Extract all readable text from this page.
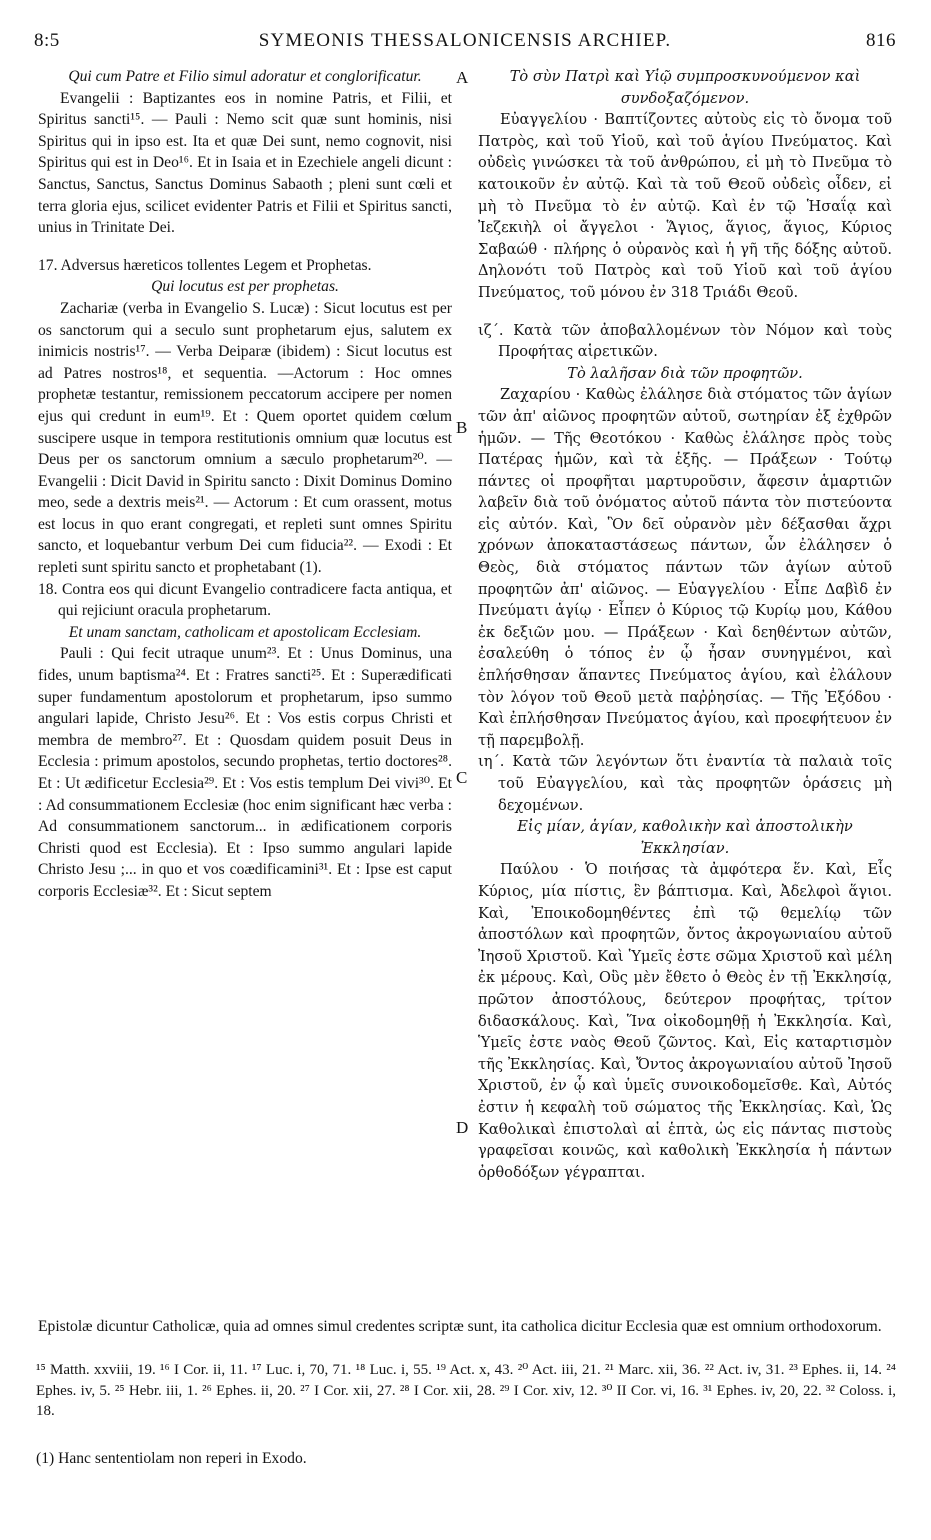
8:5	SYMEONIS THESSALONICENSIS ARCHIEP.	816

Qui cum Patre et Filio simul adoratur et conglorificatur.

Evangelii : Baptizantes eos in nomine Patris, et Filii, et Spiritus sancti¹⁵. — Pauli : Nemo scit quæ sunt hominis, nisi Spiritus qui in ipso est. Ita et quæ Dei sunt, nemo cognovit, nisi Spiritus qui est in Deo¹⁶. Et in Isaia et in Ezechiele angeli dicunt : Sanctus, Sanctus, Sanctus Dominus Sabaoth ; pleni sunt cœli et terra gloria ejus, scilicet evidenter Patris et Filii et Spiritus sancti, unius in Trinitate Dei.

17. Adversus hæreticos tollentes Legem et Prophetas.

Qui locutus est per prophetas.

Zachariæ (verba in Evangelio S. Lucæ) : Sicut locutus est per os sanctorum qui a seculo sunt prophetarum ejus, salutem ex inimicis nostris¹⁷. — Verba Deiparæ (ibidem) : Sicut locutus est ad Patres nostros¹⁸, et sequentia. —Actorum : Hoc omnes prophetæ testantur, remissionem peccatorum accipere per nomen ejus qui credunt in eum¹⁹. Et : Quem oportet quidem cœlum suscipere usque in tempora restitutionis omnium quæ locutus est Deus per os sanctorum omnium a sæculo prophetarum²⁰. — Evangelii : Dicit David in Spiritu sancto : Dixit Dominus Domino meo, sede a dextris meis²¹. — Actorum : Et cum orassent, motus est locus in quo erant congregati, et repleti sunt omnes Spiritu sancto, et loquebantur verbum Dei cum fiducia²². — Exodi : Et repleti sunt spiritu sancto et prophetabant (1).

18. Contra eos qui dicunt Evangelio contradicere facta antiqua, et qui rejiciunt oracula prophetarum.

Et unam sanctam, catholicam et apostolicam Ecclesiam.

Pauli : Qui fecit utraque unum²³. Et : Unus Dominus, una fides, unum baptisma²⁴. Et : Fratres sancti²⁵. Et : Superædificati super fundamentum apostolorum et prophetarum, ipso summo angulari lapide, Christo Jesu²⁶. Et : Vos estis corpus Christi et membra de membro²⁷. Et : Quosdam quidem posuit Deus in Ecclesia : primum apostolos, secundo prophetas, tertio doctores²⁸. Et : Ut ædificetur Ecclesia²⁹. Et : Vos estis templum Dei vivi³⁰. Et : Ad consummationem Ecclesiæ (hoc enim significant hæc verba : Ad consummationem sanctorum... in ædificationem corporis Christi quod est Ecclesia). Et : Ipso summo angulari lapide Christo Jesu ;... in quo et vos coædificamini³¹. Et : Ipse est caput corporis Ecclesiæ³². Et : Sicut septem

Τὸ σὺν Πατρὶ καὶ Υἱῷ συμπροσκυνούμενον καὶ συνδοξαζόμενον.

Εὐαγγελίου · Βαπτίζοντες αὐτοὺς εἰς τὸ ὄνομα τοῦ Πατρὸς, καὶ τοῦ Υἱοῦ, καὶ τοῦ ἁγίου Πνεύματος. Καὶ οὐδεὶς γινώσκει τὰ τοῦ ἀνθρώπου, εἰ μὴ τὸ Πνεῦμα τὸ κατοικοῦν ἐν αὐτῷ. Καὶ τὰ τοῦ Θεοῦ οὐδεὶς οἶδεν, εἰ μὴ τὸ Πνεῦμα τὸ ἐν αὐτῷ. Καὶ ἐν τῷ Ἡσαΐᾳ καὶ Ἰεζεκιὴλ οἱ ἄγγελοι · Ἅγιος, ἅγιος, ἅγιος, Κύριος Σαβαώθ · πλήρης ὁ οὐρανὸς καὶ ἡ γῆ τῆς δόξης αὐτοῦ. Δηλονότι τοῦ Πατρὸς καὶ τοῦ Υἱοῦ καὶ τοῦ ἁγίου Πνεύματος, τοῦ μόνου ἐν 318 Τριάδι Θεοῦ.

ιζ´. Κατὰ τῶν ἀποβαλλομένων τὸν Νόμον καὶ τοὺς Προφήτας αἱρετικῶν.

Τὸ λαλῆσαν διὰ τῶν προφητῶν.

Ζαχαρίου · Καθὼς ἐλάλησε διὰ στόματος τῶν ἁγίων τῶν ἀπ' αἰῶνος προφητῶν αὐτοῦ, σωτηρίαν ἐξ ἐχθρῶν ἡμῶν. — Τῆς Θεοτόκου · Καθὼς ἐλάλησε πρὸς τοὺς Πατέρας ἡμῶν, καὶ τὰ ἑξῆς. — Πράξεων · Τούτῳ πάντες οἱ προφῆται μαρτυροῦσιν, ἄφεσιν ἁμαρτιῶν λαβεῖν διὰ τοῦ ὀνόματος αὐτοῦ πάντα τὸν πιστεύοντα εἰς αὐτόν. Καὶ, Ὃν δεῖ οὐρανὸν μὲν δέξασθαι ἄχρι χρόνων ἀποκαταστάσεως πάντων, ὧν ἐλάλησεν ὁ Θεὸς, διὰ στόματος πάντων τῶν ἁγίων αὐτοῦ προφητῶν ἀπ' αἰῶνος. — Εὐαγγελίου · Εἶπε Δαβὶδ ἐν Πνεύματι ἁγίῳ · Εἶπεν ὁ Κύριος τῷ Κυρίῳ μου, Κάθου ἐκ δεξιῶν μου. — Πράξεων · Καὶ δεηθέντων αὐτῶν, ἐσαλεύθη ὁ τόπος ἐν ᾧ ἦσαν συνηγμένοι, καὶ ἐπλήσθησαν ἅπαντες Πνεύματος ἁγίου, καὶ ἐλάλουν τὸν λόγον τοῦ Θεοῦ μετὰ παῤῥησίας. — Τῆς Ἐξόδου · Καὶ ἐπλήσθησαν Πνεύματος ἁγίου, καὶ προεφήτευον ἐν τῇ παρεμβολῇ.

ιη´. Κατὰ τῶν λεγόντων ὅτι ἐναντία τὰ παλαιὰ τοῖς τοῦ Εὐαγγελίου, καὶ τὰς προφητῶν ὁράσεις μὴ δεχομένων.

Εἰς μίαν, ἁγίαν, καθολικὴν καὶ ἀποστολικὴν Ἐκκλησίαν.

Παύλου · Ὁ ποιήσας τὰ ἀμφότερα ἕν. Καὶ, Εἷς Κύριος, μία πίστις, ἓν βάπτισμα. Καὶ, Ἀδελφοὶ ἅγιοι. Καὶ, Ἐποικοδομηθέντες ἐπὶ τῷ θεμελίῳ τῶν ἀποστόλων καὶ προφητῶν, ὄντος ἀκρογωνιαίου αὐτοῦ Ἰησοῦ Χριστοῦ. Καὶ Ὑμεῖς ἐστε σῶμα Χριστοῦ καὶ μέλη ἐκ μέρους. Καὶ, Οὓς μὲν ἔθετο ὁ Θεὸς ἐν τῇ Ἐκκλησίᾳ, πρῶτον ἀποστόλους, δεύτερον προφήτας, τρίτον διδασκάλους. Καὶ, Ἵνα οἰκοδομηθῇ ἡ Ἐκκλησία. Καὶ, Ὑμεῖς ἐστε ναὸς Θεοῦ ζῶντος. Καὶ, Εἰς καταρτισμὸν τῆς Ἐκκλησίας. Καὶ, Ὄντος ἀκρογωνιαίου αὐτοῦ Ἰησοῦ Χριστοῦ, ἐν ᾧ καὶ ὑμεῖς συνοικοδομεῖσθε. Καὶ, Αὐτός ἐστιν ἡ κεφαλὴ τοῦ σώματος τῆς Ἐκκλησίας. Καὶ, Ὡς Καθολικαὶ ἐπιστολαὶ αἱ ἑπτὰ, ὡς εἰς πάντας πιστοὺς γραφεῖσαι κοινῶς, καὶ καθολικὴ Ἐκκλησία ἡ πάντων ὀρθοδόξων γέγραπται.

A
B
C
D

Epistolæ dicuntur Catholicæ, quia ad omnes simul credentes scriptæ sunt, ita catholica dicitur Ecclesia quæ est omnium orthodoxorum.

¹⁵ Matth. xxviii, 19. ¹⁶ I Cor. ii, 11. ¹⁷ Luc. i, 70, 71. ¹⁸ Luc. i, 55. ¹⁹ Act. x, 43. ²⁰ Act. iii, 21. ²¹ Marc. xii, 36. ²² Act. iv, 31. ²³ Ephes. ii, 14. ²⁴ Ephes. iv, 5. ²⁵ Hebr. iii, 1. ²⁶ Ephes. ii, 20. ²⁷ I Cor. xii, 27. ²⁸ I Cor. xii, 28. ²⁹ I Cor. xiv, 12. ³⁰ II Cor. vi, 16. ³¹ Ephes. iv, 20, 22. ³² Coloss. i, 18.

(1) Hanc sententiolam non reperi in Exodo.
